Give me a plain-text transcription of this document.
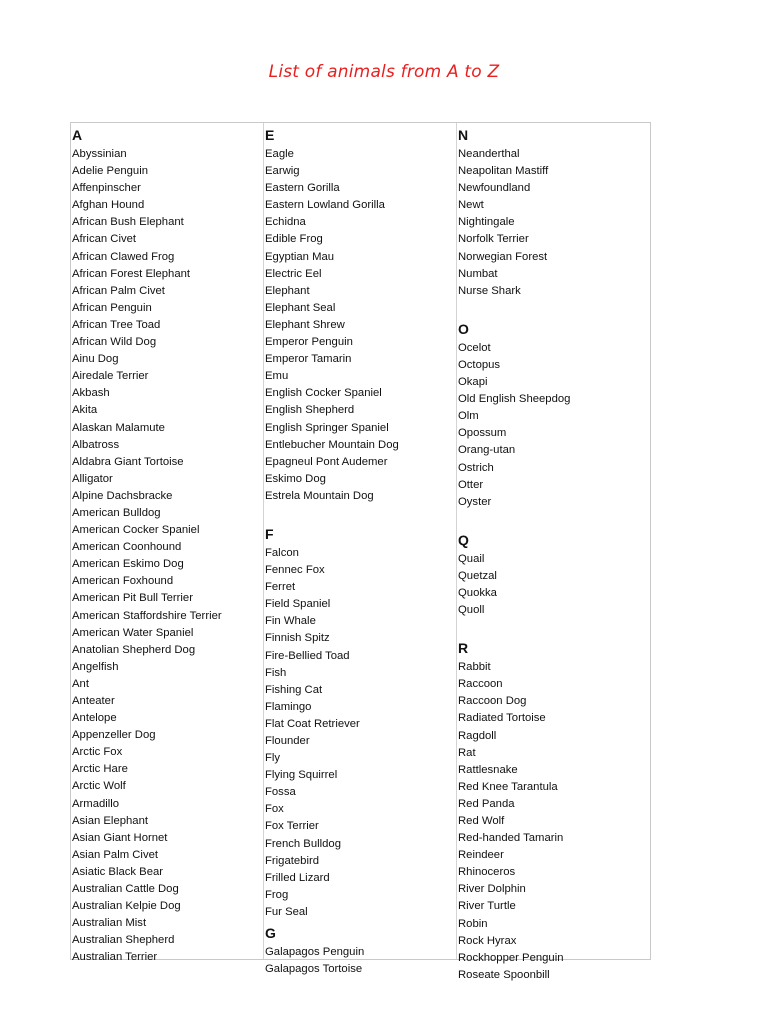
List of animals from A to Z
A
Abyssinian
Adelie Penguin
Affenpinscher
Afghan Hound
African Bush Elephant
African Civet
African Clawed Frog
African Forest Elephant
African Palm Civet
African Penguin
African Tree Toad
African Wild Dog
Ainu Dog
Airedale Terrier
Akbash
Akita
Alaskan Malamute
Albatross
Aldabra Giant Tortoise
Alligator
Alpine Dachsbracke
American Bulldog
American Cocker Spaniel
American Coonhound
American Eskimo Dog
American Foxhound
American Pit Bull Terrier
American Staffordshire Terrier
American Water Spaniel
Anatolian Shepherd Dog
Angelfish
Ant
Anteater
Antelope
Appenzeller Dog
Arctic Fox
Arctic Hare
Arctic Wolf
Armadillo
Asian Elephant
Asian Giant Hornet
Asian Palm Civet
Asiatic Black Bear
Australian Cattle Dog
Australian Kelpie Dog
Australian Mist
Australian Shepherd
Australian Terrier
E
Eagle
Earwig
Eastern Gorilla
Eastern Lowland Gorilla
Echidna
Edible Frog
Egyptian Mau
Electric Eel
Elephant
Elephant Seal
Elephant Shrew
Emperor Penguin
Emperor Tamarin
Emu
English Cocker Spaniel
English Shepherd
English Springer Spaniel
Entlebucher Mountain Dog
Epagneul Pont Audemer
Eskimo Dog
Estrela Mountain Dog
F
Falcon
Fennec Fox
Ferret
Field Spaniel
Fin Whale
Finnish Spitz
Fire-Bellied Toad
Fish
Fishing Cat
Flamingo
Flat Coat Retriever
Flounder
Fly
Flying Squirrel
Fossa
Fox
Fox Terrier
French Bulldog
Frigatebird
Frilled Lizard
Frog
Fur Seal
G
Galapagos Penguin
Galapagos Tortoise
N
Neanderthal
Neapolitan Mastiff
Newfoundland
Newt
Nightingale
Norfolk Terrier
Norwegian Forest
Numbat
Nurse Shark
O
Ocelot
Octopus
Okapi
Old English Sheepdog
Olm
Opossum
Orang-utan
Ostrich
Otter
Oyster
Q
Quail
Quetzal
Quokka
Quoll
R
Rabbit
Raccoon
Raccoon Dog
Radiated Tortoise
Ragdoll
Rat
Rattlesnake
Red Knee Tarantula
Red Panda
Red Wolf
Red-handed Tamarin
Reindeer
Rhinoceros
River Dolphin
River Turtle
Robin
Rock Hyrax
Rockhopper Penguin
Roseate Spoonbill
